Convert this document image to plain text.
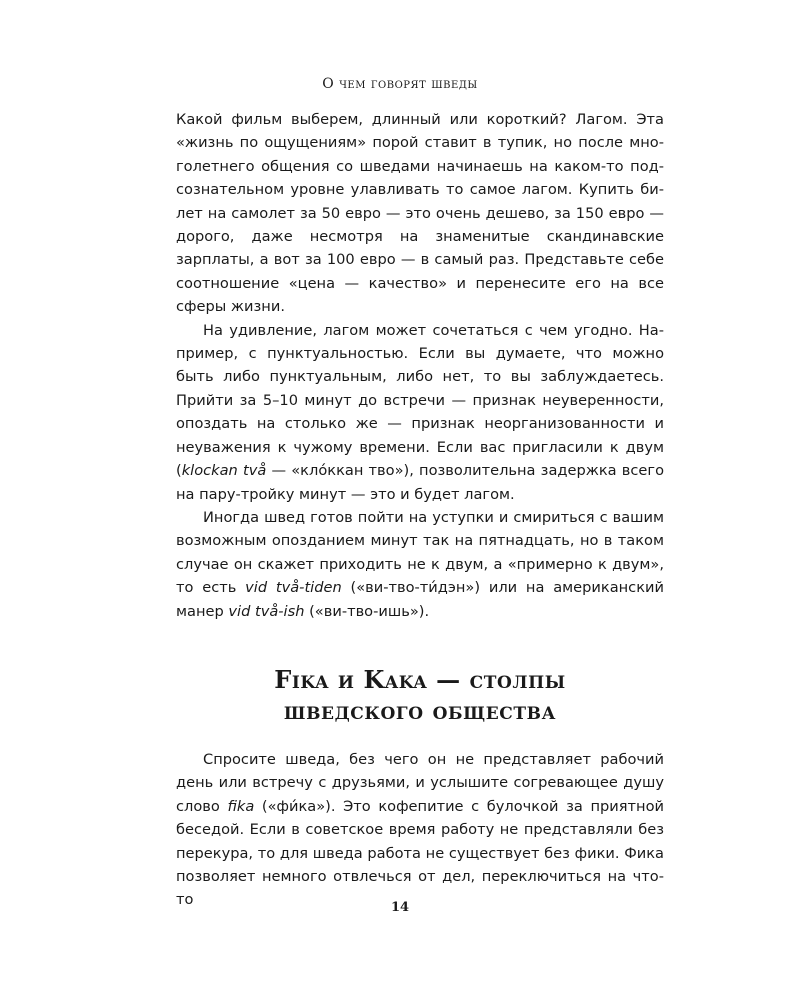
О чем говорят шведы

Какой фильм выберем, длинный или короткий? Лагом. Эта «жизнь по ощущениям» порой ставит в тупик, но после многолетнего общения со шведами начинаешь на каком-то подсознательном уровне улавливать то самое лагом. Купить билет на самолет за 50 евро — это очень дешево, за 150 евро — дорого, даже несмотря на знаменитые скандинавские зарплаты, а вот за 100 евро — в самый раз. Представьте себе соотношение «цена — качество» и перенесите его на все сферы жизни.

На удивление, лагом может сочетаться с чем угодно. Например, с пунктуальностью. Если вы думаете, что можно быть либо пунктуальным, либо нет, то вы заблуждаетесь. Прийти за 5–10 минут до встречи — признак неуверенности, опоздать на столько же — признак неорганизованности и неуважения к чужому времени. Если вас пригласили к двум (klockan två — «кло́ккан тво»), позволительна задержка всего на пару-тройку минут — это и будет лагом.

Иногда швед готов пойти на уступки и смириться с вашим возможным опозданием минут так на пятнадцать, но в таком случае он скажет приходить не к двум, а «примерно к двум», то есть vid två-tiden («ви-тво-ти́дэн») или на американский манер vid två-ish («ви-тво-ишь»).

Fika и Kaka — столпы
шведского общества

Спросите шведа, без чего он не представляет рабочий день или встречу с друзьями, и услышите согревающее душу слово fika («фи́ка»). Это кофепитие с булочкой за приятной беседой. Если в советское время работу не представляли без перекура, то для шведа работа не существует без фики. Фика позволяет немного отвлечься от дел, переключиться на что-то	14
